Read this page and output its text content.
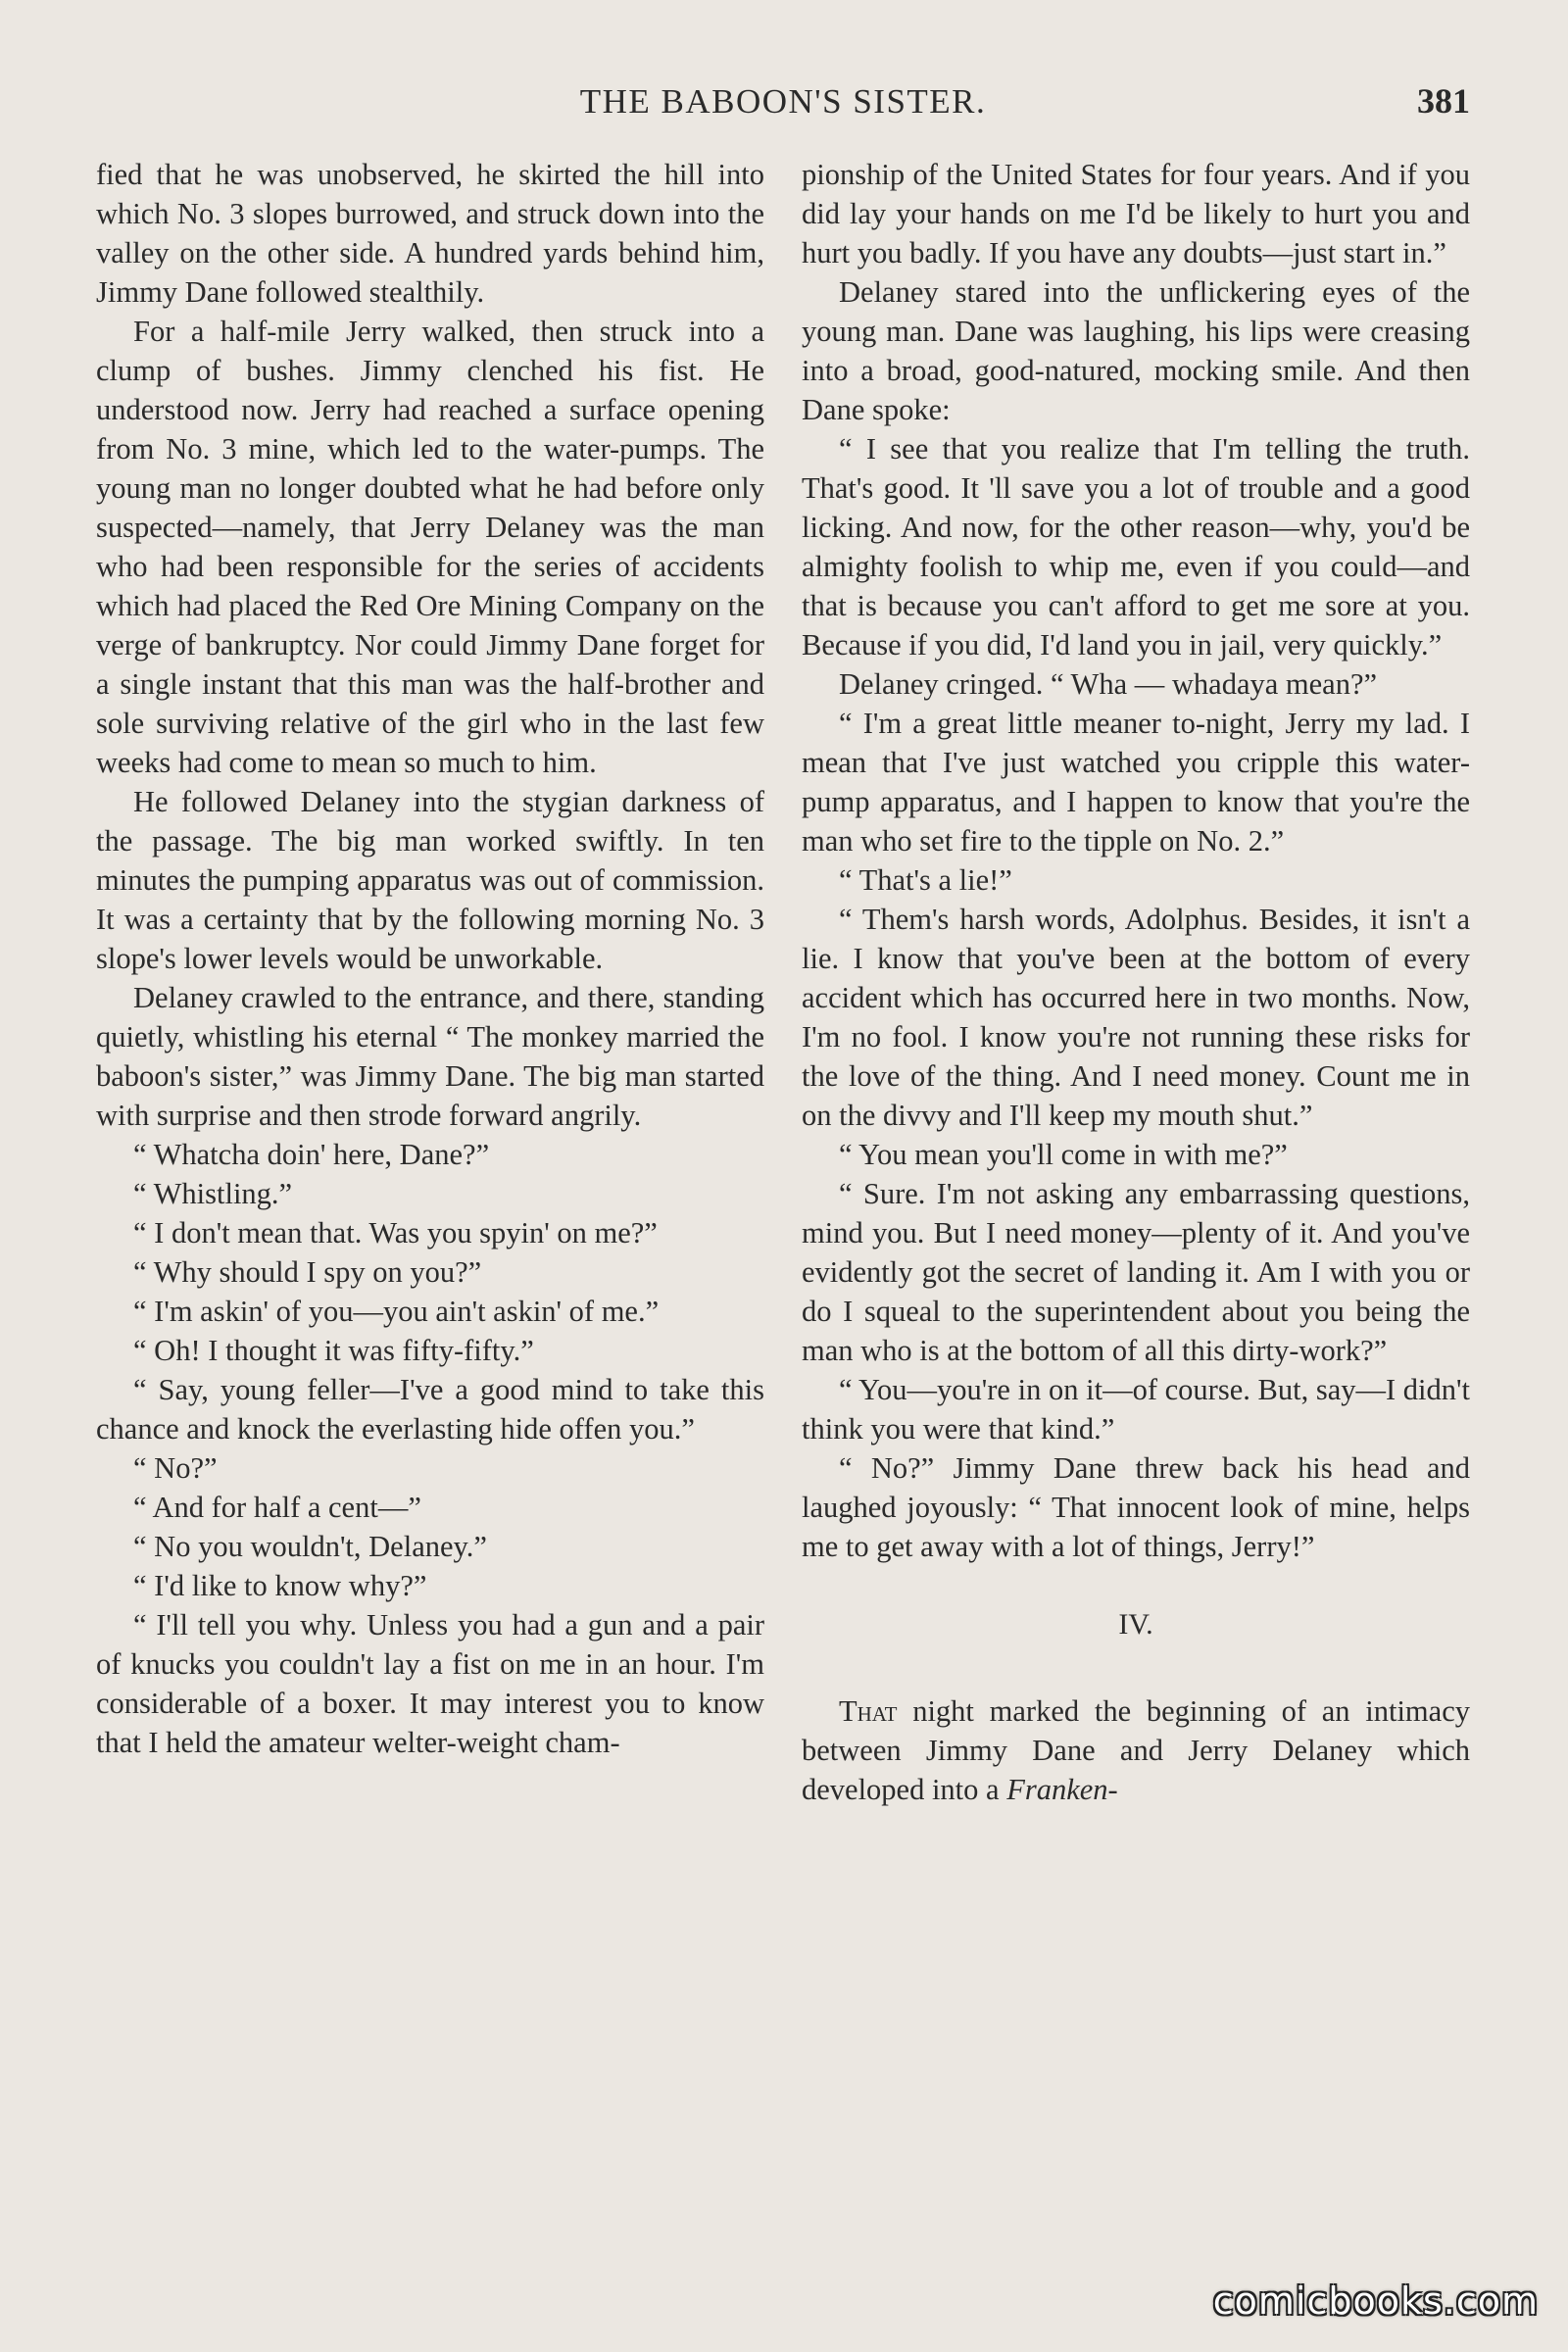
THE BABOON'S SISTER.	381

fied that he was unobserved, he skirted the hill into which No. 3 slopes burrowed, and struck down into the valley on the other side. A hundred yards behind him, Jimmy Dane followed stealthily.

For a half-mile Jerry walked, then struck into a clump of bushes. Jimmy clenched his fist. He understood now. Jerry had reached a surface opening from No. 3 mine, which led to the water-pumps. The young man no longer doubted what he had before only suspected—namely, that Jerry Delaney was the man who had been responsible for the series of accidents which had placed the Red Ore Mining Company on the verge of bankruptcy. Nor could Jimmy Dane forget for a single instant that this man was the half-brother and sole surviving relative of the girl who in the last few weeks had come to mean so much to him.

He followed Delaney into the stygian darkness of the passage. The big man worked swiftly. In ten minutes the pumping apparatus was out of commission. It was a certainty that by the following morning No. 3 slope's lower levels would be unworkable.

Delaney crawled to the entrance, and there, standing quietly, whistling his eternal “ The monkey married the baboon's sister,” was Jimmy Dane. The big man started with surprise and then strode forward angrily.

“ Whatcha doin' here, Dane?”

“ Whistling.”

“ I don't mean that. Was you spyin' on me?”

“ Why should I spy on you?”

“ I'm askin' of you—you ain't askin' of me.”

“ Oh! I thought it was fifty-fifty.”

“ Say, young feller—I've a good mind to take this chance and knock the everlasting hide offen you.”

“ No?”

“ And for half a cent—”

“ No you wouldn't, Delaney.”

“ I'd like to know why?”

“ I'll tell you why. Unless you had a gun and a pair of knucks you couldn't lay a fist on me in an hour. I'm considerable of a boxer. It may interest you to know that I held the amateur welter-weight cham-

pionship of the United States for four years. And if you did lay your hands on me I'd be likely to hurt you and hurt you badly. If you have any doubts—just start in.”

Delaney stared into the unflickering eyes of the young man. Dane was laughing, his lips were creasing into a broad, good-natured, mocking smile. And then Dane spoke:

“ I see that you realize that I'm telling the truth. That's good. It 'll save you a lot of trouble and a good licking. And now, for the other reason—why, you'd be almighty foolish to whip me, even if you could—and that is because you can't afford to get me sore at you. Because if you did, I'd land you in jail, very quickly.”

Delaney cringed. “ Wha — whadaya mean?”

“ I'm a great little meaner to-night, Jerry my lad. I mean that I've just watched you cripple this water-pump apparatus, and I happen to know that you're the man who set fire to the tipple on No. 2.”

“ That's a lie!”

“ Them's harsh words, Adolphus. Besides, it isn't a lie. I know that you've been at the bottom of every accident which has occurred here in two months. Now, I'm no fool. I know you're not running these risks for the love of the thing. And I need money. Count me in on the divvy and I'll keep my mouth shut.”

“ You mean you'll come in with me?”

“ Sure. I'm not asking any embarrassing questions, mind you. But I need money—plenty of it. And you've evidently got the secret of landing it. Am I with you or do I squeal to the superintendent about you being the man who is at the bottom of all this dirty-work?”

“ You—you're in on it—of course. But, say—I didn't think you were that kind.”

“ No?” Jimmy Dane threw back his head and laughed joyously: “ That innocent look of mine, helps me to get away with a lot of things, Jerry!”

IV.

That night marked the beginning of an intimacy between Jimmy Dane and Jerry Delaney which developed into a Franken-

comicbooks.com
